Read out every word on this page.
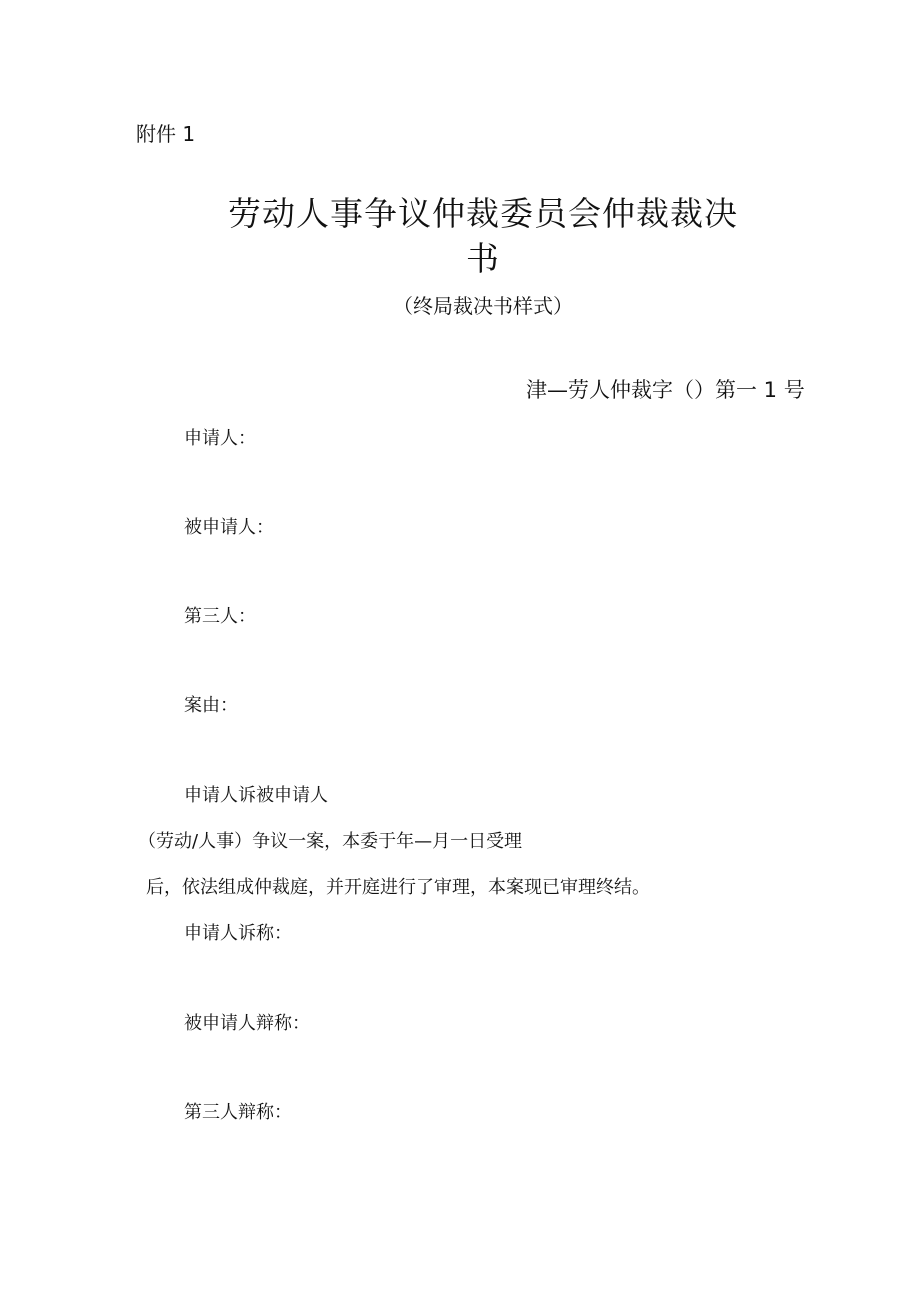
附件 1
劳动人事争议仲裁委员会仲裁裁决
书
（终局裁决书样式）
津—劳人仲裁字（）第一 1 号
申请人：
被申请人：
第三人：
案由：
申请人诉被申请人
（劳动/人事）争议一案，本委于年—月一日受理
后，依法组成仲裁庭，并开庭进行了审理，本案现已审理终结。
申请人诉称：
被申请人辩称：
第三人辩称：
